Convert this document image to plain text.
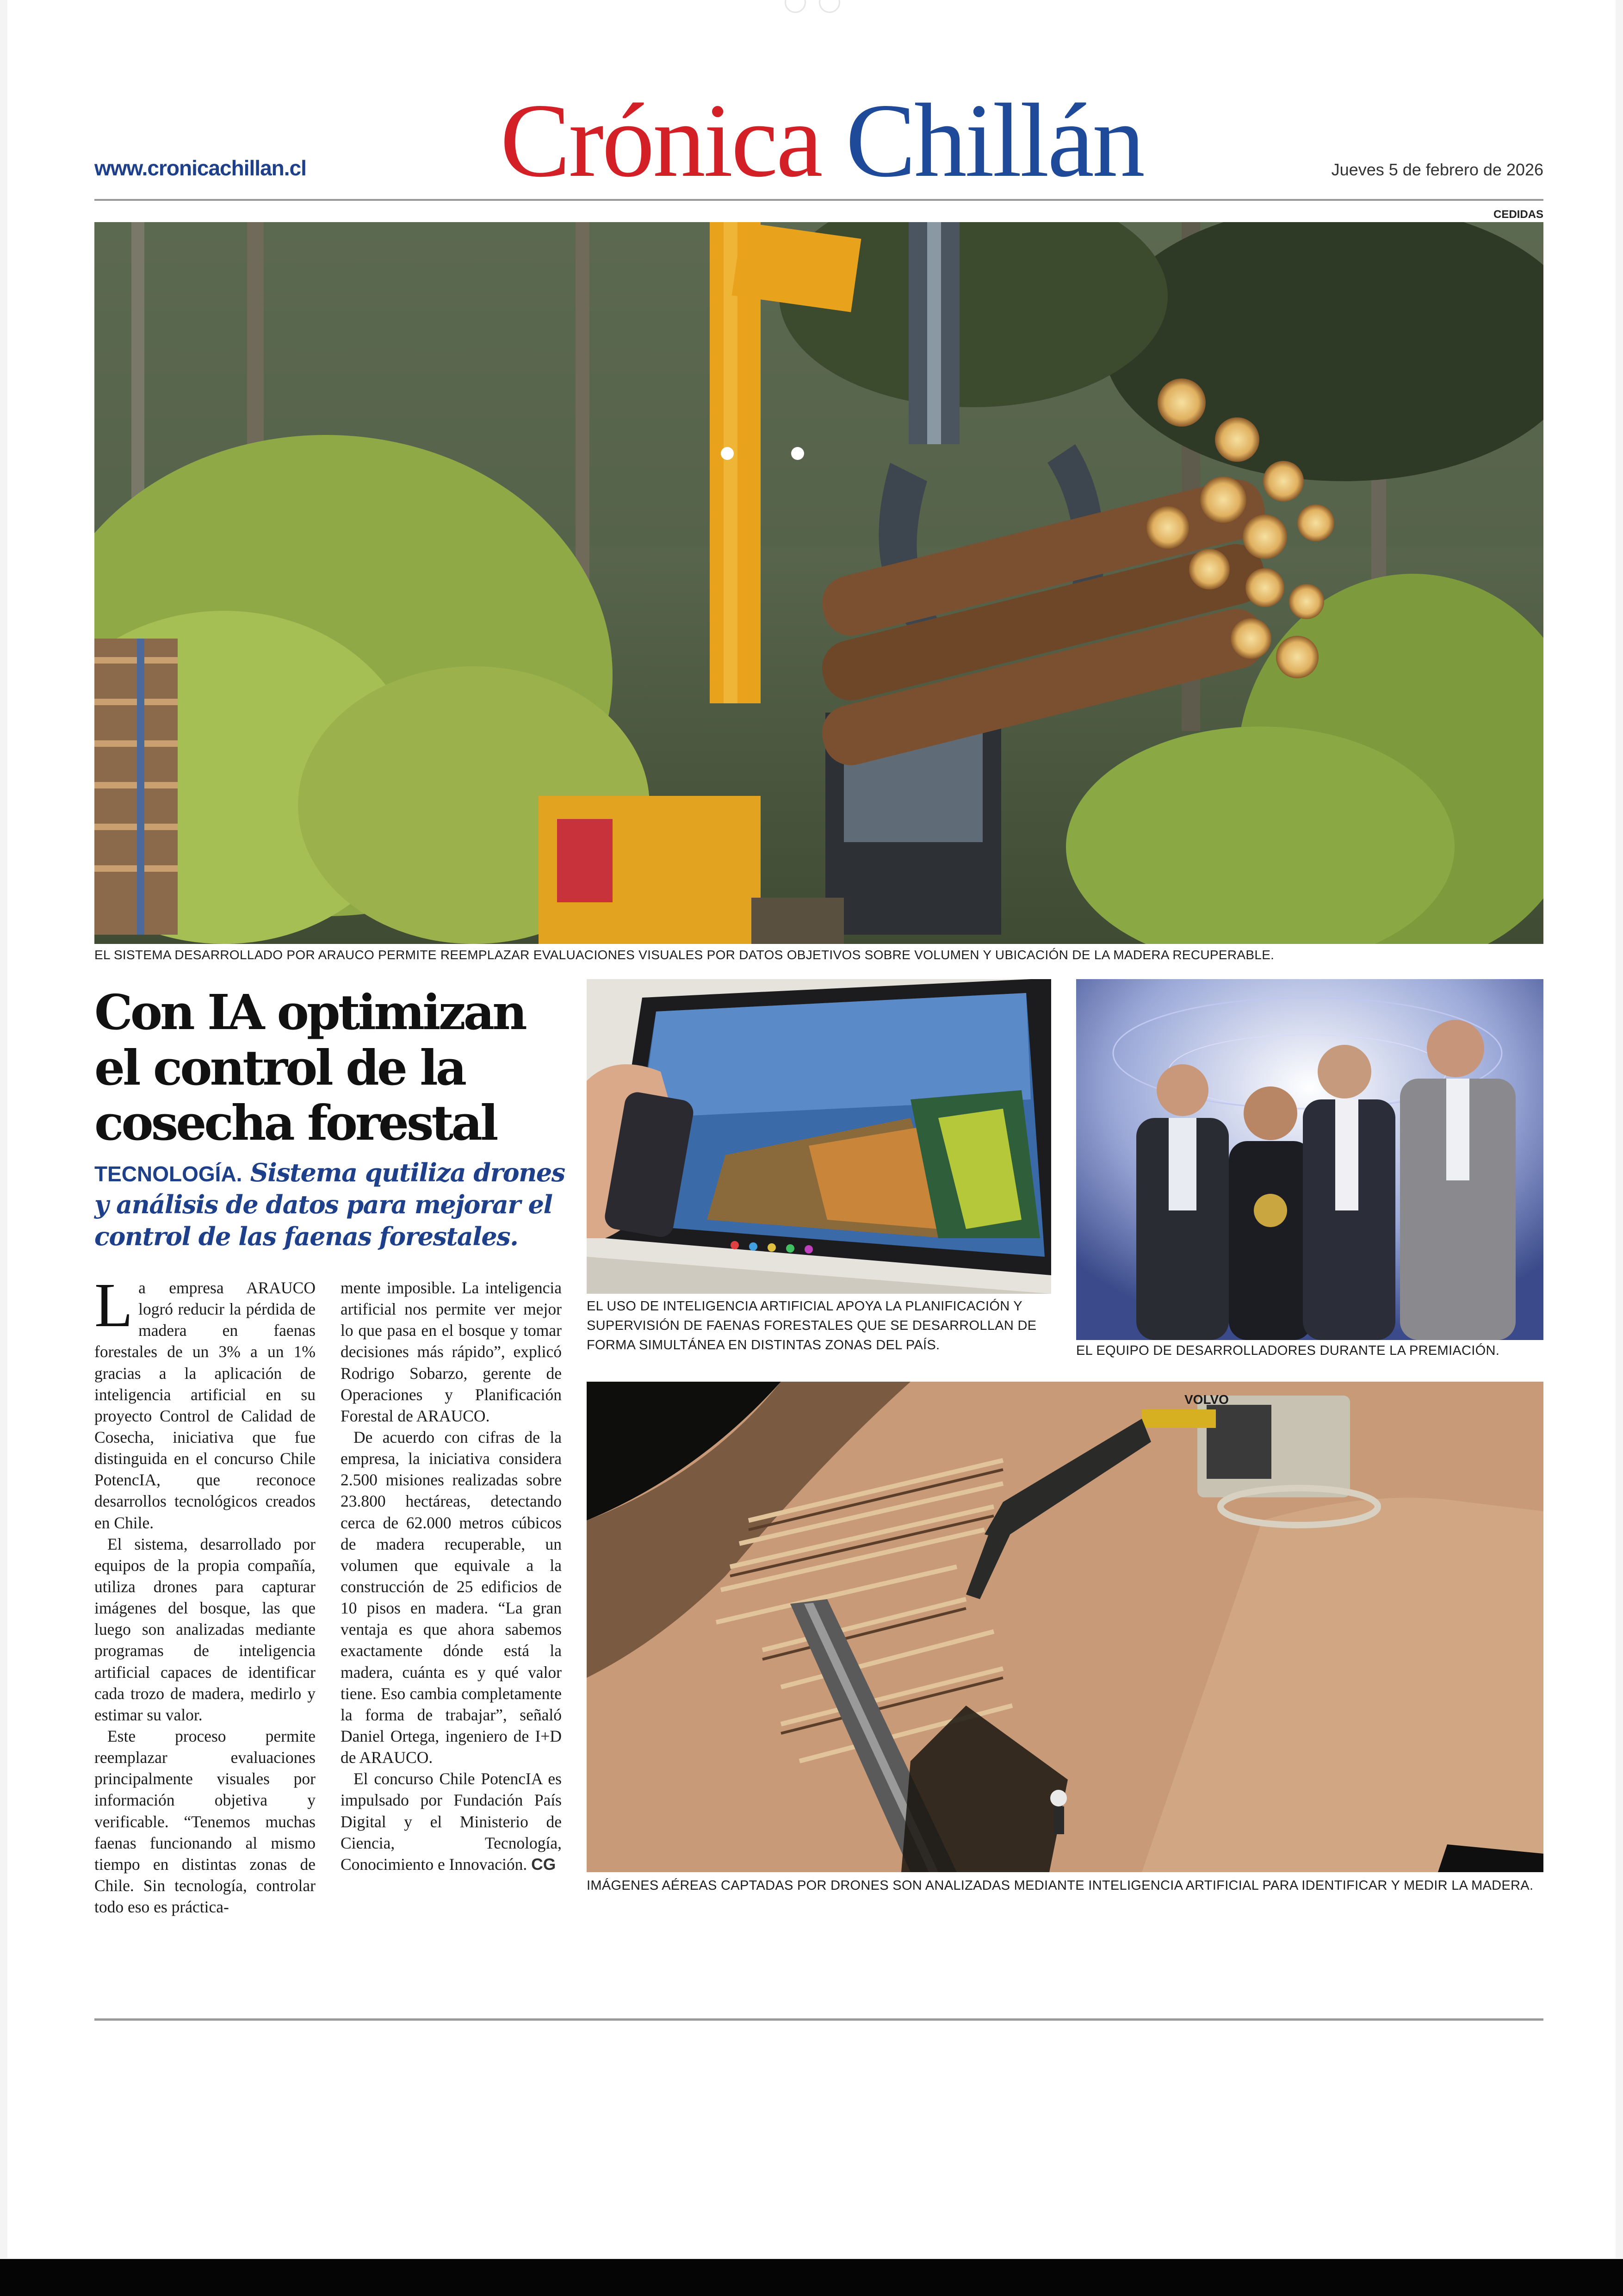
www.cronicachillan.cl Crónica Chillán	Jueves 5 de febrero de 2026
CEDIDAS
EL SISTEMA DESARROLLADO POR ARAUCO PERMITE REEMPLAZAR EVALUACIONES VISUALES POR DATOS OBJETIVOS SOBRE VOLUMEN Y UBICACIÓN DE LA MADERA RECUPERABLE.
Con IA optimizan el control de la cosecha forestal
TECNOLOGÍA. Sistema qutiliza drones y análisis de datos para mejorar el control de las faenas forestales.

La empresa ARAUCO logró reducir la pérdida de madera en faenas forestales de un 3% a un 1% gracias a la aplicación de inteligencia artificial en su proyecto Control de Calidad de Cosecha, iniciativa que fue distinguida en el concurso Chile PotencIA, que reconoce desarrollos tecnológicos creados en Chile.

El sistema, desarrollado por equipos de la propia compañía, utiliza drones para capturar imágenes del bosque, las que luego son analizadas mediante programas de inteligencia artificial capaces de identificar cada trozo de madera, medirlo y estimar su valor.

Este proceso permite reemplazar evaluaciones principalmente visuales por información objetiva y verificable. “Tenemos muchas faenas funcionando al mismo tiempo en distintas zonas de Chile. Sin tecnología, controlar todo eso es práctica-

mente imposible. La inteligencia artificial nos permite ver mejor lo que pasa en el bosque y tomar decisiones más rápido”, explicó Rodrigo Sobarzo, gerente de Operaciones y Planificación Forestal de ARAUCO.

De acuerdo con cifras de la empresa, la iniciativa considera 2.500 misiones realizadas sobre 23.800 hectáreas, detectando cerca de 62.000 metros cúbicos de madera recuperable, un volumen que equivale a la construcción de 25 edificios de 10 pisos en madera. “La gran ventaja es que ahora sabemos exactamente dónde está la madera, cuánta es y qué valor tiene. Eso cambia completamente la forma de trabajar”, señaló Daniel Ortega, ingeniero de I+D de ARAUCO.

El concurso Chile PotencIA es impulsado por Fundación País Digital y el Ministerio de Ciencia, Tecnología, Conocimiento e Innovación. CG

EL USO DE INTELIGENCIA ARTIFICIAL APOYA LA PLANIFICACIÓN Y SUPERVISIÓN DE FAENAS FORESTALES QUE SE DESARROLLAN DE FORMA SIMULTÁNEA EN DISTINTAS ZONAS DEL PAÍS.	EL EQUIPO DE DESARROLLADORES DURANTE LA PREMIACIÓN.
VOLVO
IMÁGENES AÉREAS CAPTADAS POR DRONES SON ANALIZADAS MEDIANTE INTELIGENCIA ARTIFICIAL PARA IDENTIFICAR Y MEDIR LA MADERA.
